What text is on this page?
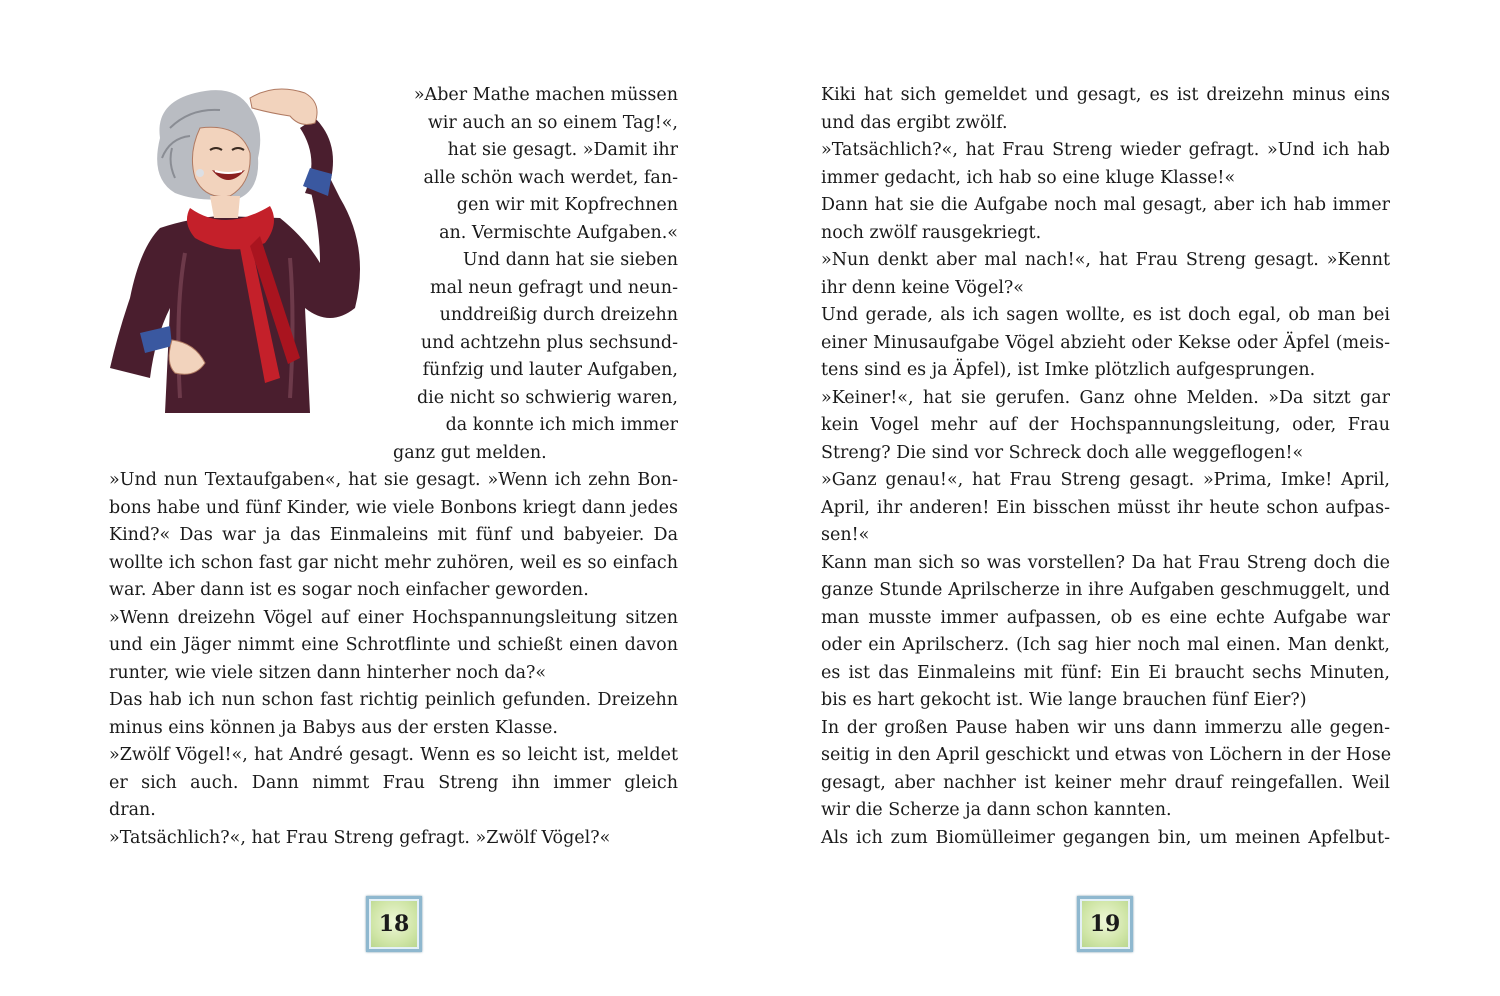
»Aber Mathe machen müssen
wir auch an so einem Tag!«,
hat sie gesagt. »Damit ihr
alle schön wach werdet, fan-
gen wir mit Kopfrechnen
an. Vermischte Aufgaben.«
Und dann hat sie sieben
mal neun gefragt und neun-
unddreißig durch dreizehn
und achtzehn plus sechsund-
fünfzig und lauter Aufgaben,
die nicht so schwierig waren,
da konnte ich mich immer
ganz gut melden.
»Und nun Textaufgaben«, hat sie gesagt. »Wenn ich zehn Bon-
bons habe und fünf Kinder, wie viele Bonbons kriegt dann jedes
Kind?« Das war ja das Einmaleins mit fünf und babyeier. Da
wollte ich schon fast gar nicht mehr zuhören, weil es so einfach
war. Aber dann ist es sogar noch einfacher geworden.
»Wenn dreizehn Vögel auf einer Hochspannungsleitung sitzen
und ein Jäger nimmt eine Schrotflinte und schießt einen davon
runter, wie viele sitzen dann hinterher noch da?«
Das hab ich nun schon fast richtig peinlich gefunden. Dreizehn
minus eins können ja Babys aus der ersten Klasse.
»Zwölf Vögel!«, hat André gesagt. Wenn es so leicht ist, meldet
er sich auch. Dann nimmt Frau Streng ihn immer gleich
dran.
»Tatsächlich?«, hat Frau Streng gefragt. »Zwölf Vögel?«
18
Kiki hat sich gemeldet und gesagt, es ist dreizehn minus eins
und das ergibt zwölf.
»Tatsächlich?«, hat Frau Streng wieder gefragt. »Und ich hab
immer gedacht, ich hab so eine kluge Klasse!«
Dann hat sie die Aufgabe noch mal gesagt, aber ich hab immer
noch zwölf rausgekriegt.
»Nun denkt aber mal nach!«, hat Frau Streng gesagt. »Kennt
ihr denn keine Vögel?«
Und gerade, als ich sagen wollte, es ist doch egal, ob man bei
einer Minusaufgabe Vögel abzieht oder Kekse oder Äpfel (meis-
tens sind es ja Äpfel), ist Imke plötzlich aufgesprungen.
»Keiner!«, hat sie gerufen. Ganz ohne Melden. »Da sitzt gar
kein Vogel mehr auf der Hochspannungsleitung, oder, Frau
Streng? Die sind vor Schreck doch alle weggeflogen!«
»Ganz genau!«, hat Frau Streng gesagt. »Prima, Imke! April,
April, ihr anderen! Ein bisschen müsst ihr heute schon aufpas-
sen!«
Kann man sich so was vorstellen? Da hat Frau Streng doch die
ganze Stunde Aprilscherze in ihre Aufgaben geschmuggelt, und
man musste immer aufpassen, ob es eine echte Aufgabe war
oder ein Aprilscherz. (Ich sag hier noch mal einen. Man denkt,
es ist das Einmaleins mit fünf: Ein Ei braucht sechs Minuten,
bis es hart gekocht ist. Wie lange brauchen fünf Eier?)
In der großen Pause haben wir uns dann immerzu alle gegen-
seitig in den April geschickt und etwas von Löchern in der Hose
gesagt, aber nachher ist keiner mehr drauf reingefallen. Weil
wir die Scherze ja dann schon kannten.
Als ich zum Biomülleimer gegangen bin, um meinen Apfelbut-
19
